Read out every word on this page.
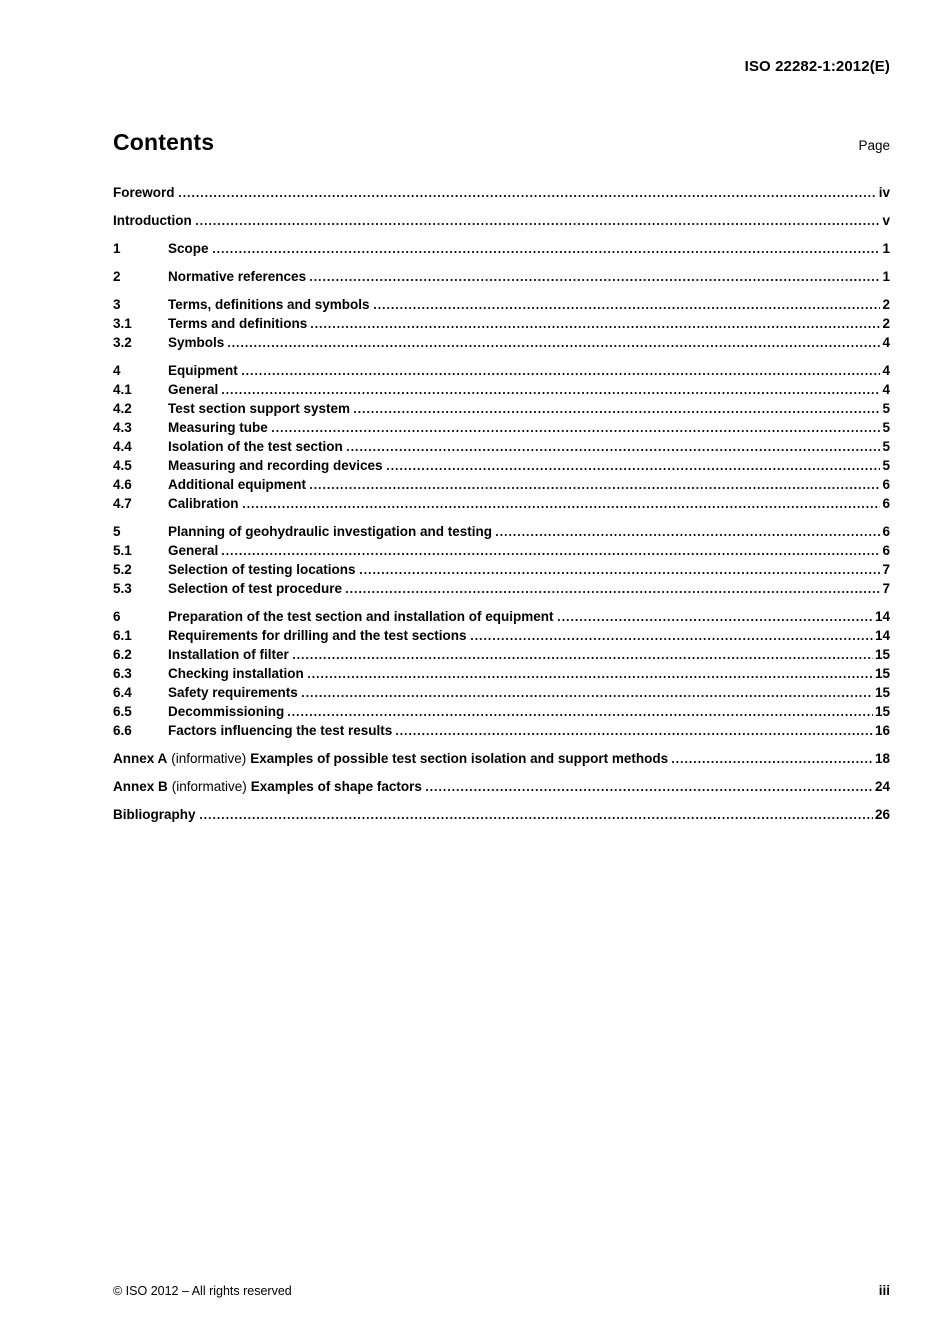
ISO 22282-1:2012(E)
Contents	Page
Foreword	iv
Introduction	v
1	Scope	1
2	Normative references	1
3	Terms, definitions and symbols	2
3.1	Terms and definitions	2
3.2	Symbols	4
4	Equipment	4
4.1	General	4
4.2	Test section support system	5
4.3	Measuring tube	5
4.4	Isolation of the test section	5
4.5	Measuring and recording devices	5
4.6	Additional equipment	6
4.7	Calibration	6
5	Planning of geohydraulic investigation and testing	6
5.1	General	6
5.2	Selection of testing locations	7
5.3	Selection of test procedure	7
6	Preparation of the test section and installation of equipment	14
6.1	Requirements for drilling and the test sections	14
6.2	Installation of filter	15
6.3	Checking installation	15
6.4	Safety requirements	15
6.5	Decommissioning	15
6.6	Factors influencing the test results	16
Annex A (informative) Examples of possible test section isolation and support methods	18
Annex B (informative) Examples of shape factors	24
Bibliography	26
© ISO 2012 – All rights reserved	iii
